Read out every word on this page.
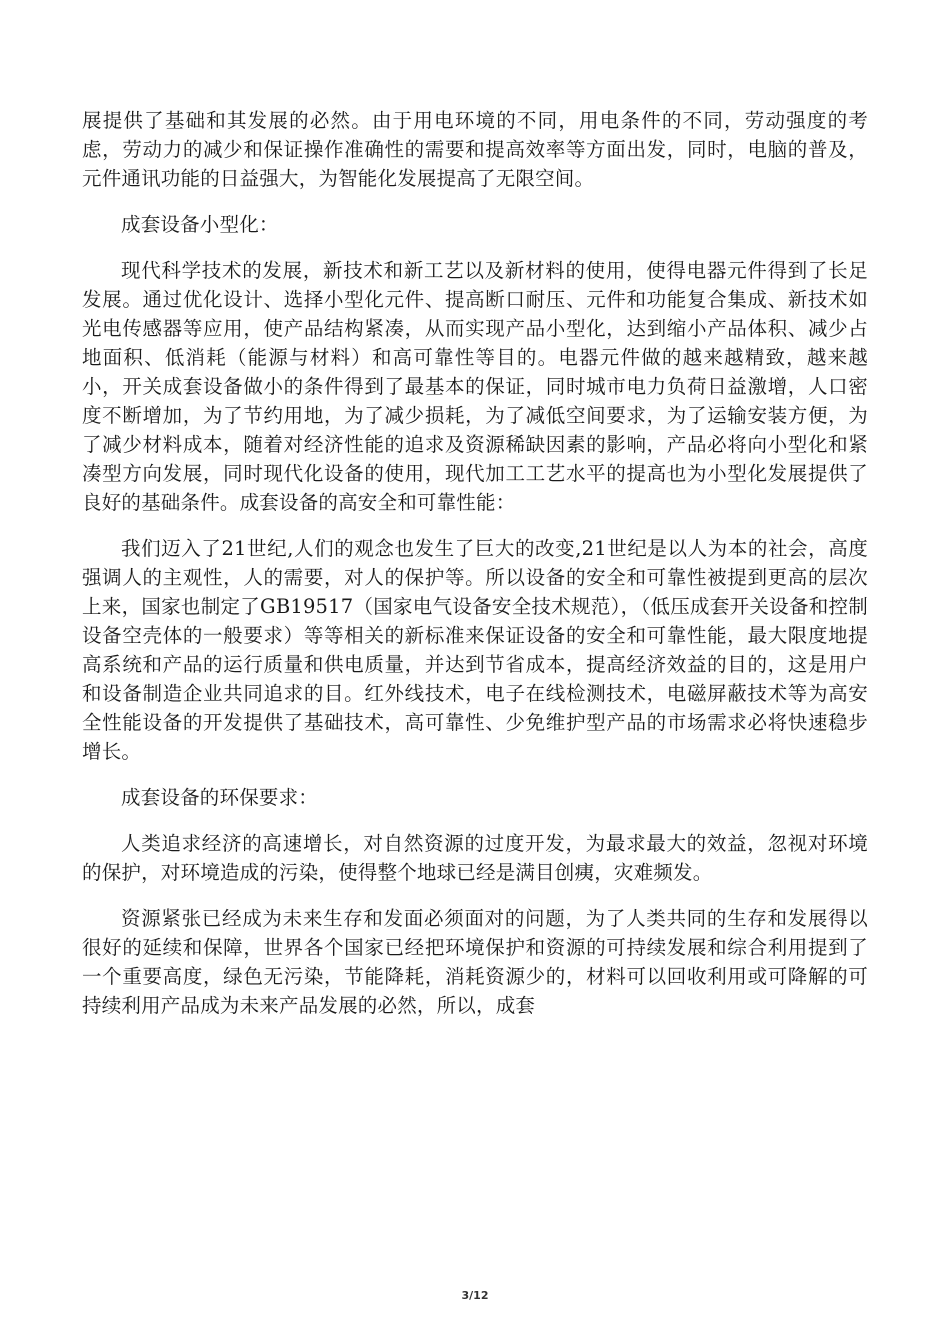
展提供了基础和其发展的必然。由于用电环境的不同，用电条件的不同，劳动强度的考虑，劳动力的减少和保证操作准确性的需要和提高效率等方面出发，同时，电脑的普及，元件通讯功能的日益强大，为智能化发展提高了无限空间。

成套设备小型化：

现代科学技术的发展，新技术和新工艺以及新材料的使用，使得电器元件得到了长足发展。通过优化设计、选择小型化元件、提高断口耐压、元件和功能复合集成、新技术如光电传感器等应用，使产品结构紧凑，从而实现产品小型化，达到缩小产品体积、减少占地面积、低消耗（能源与材料）和高可靠性等目的。电器元件做的越来越精致，越来越小，开关成套设备做小的条件得到了最基本的保证，同时城市电力负荷日益激增，人口密度不断增加，为了节约用地，为了减少损耗，为了减低空间要求，为了运输安装方便，为了减少材料成本，随着对经济性能的追求及资源稀缺因素的影响，产品必将向小型化和紧凑型方向发展，同时现代化设备的使用，现代加工工艺水平的提高也为小型化发展提供了良好的基础条件。成套设备的高安全和可靠性能：

我们迈入了21世纪,人们的观念也发生了巨大的改变,21世纪是以人为本的社会，高度强调人的主观性，人的需要，对人的保护等。所以设备的安全和可靠性被提到更高的层次上来，国家也制定了GB19517（国家电气设备安全技术规范），（低压成套开关设备和控制设备空壳体的一般要求）等等相关的新标准来保证设备的安全和可靠性能，最大限度地提高系统和产品的运行质量和供电质量，并达到节省成本，提高经济效益的目的，这是用户和设备制造企业共同追求的目。红外线技术，电子在线检测技术，电磁屏蔽技术等为高安全性能设备的开发提供了基础技术，高可靠性、少免维护型产品的市场需求必将快速稳步增长。

成套设备的环保要求：

人类追求经济的高速增长，对自然资源的过度开发，为最求最大的效益，忽视对环境的保护，对环境造成的污染，使得整个地球已经是满目创痍，灾难频发。

资源紧张已经成为未来生存和发面必须面对的问题，为了人类共同的生存和发展得以很好的延续和保障，世界各个国家已经把环境保护和资源的可持续发展和综合利用提到了一个重要高度，绿色无污染，节能降耗，消耗资源少的，材料可以回收利用或可降解的可持续利用产品成为未来产品发展的必然，所以，成套

3/12
